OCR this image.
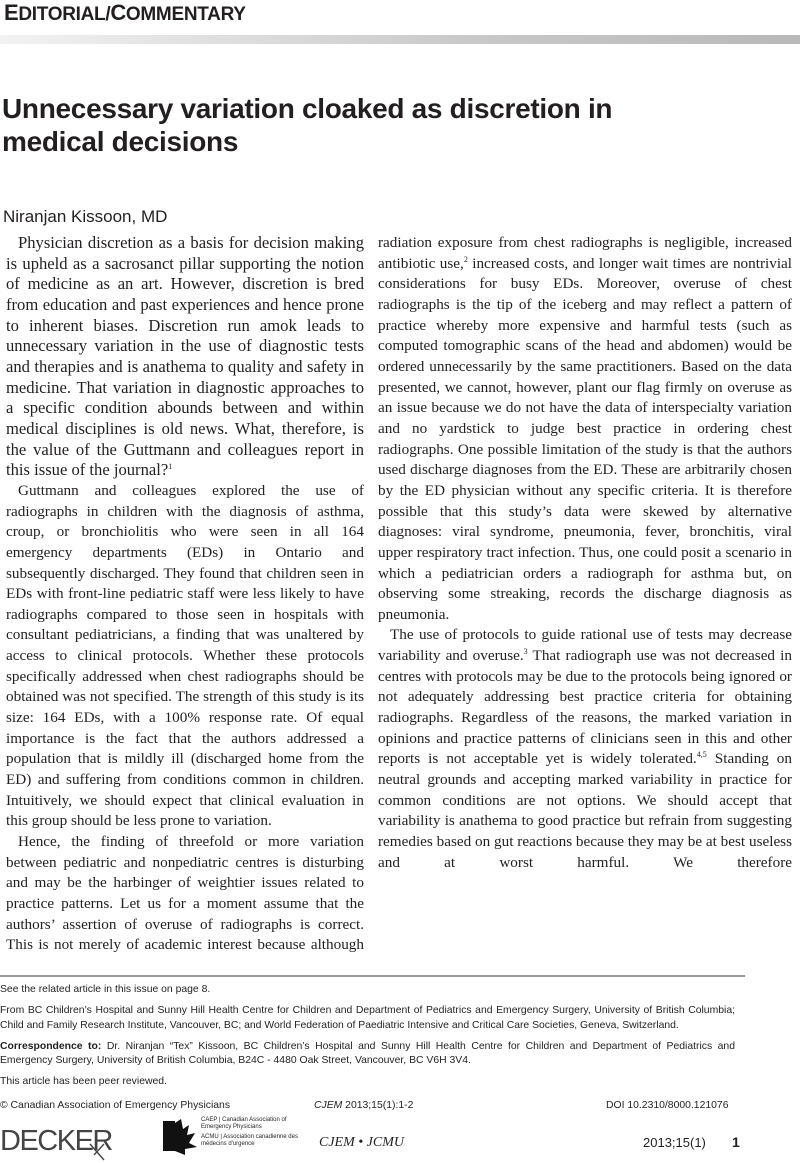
EDITORIAL/COMMENTARY
Unnecessary variation cloaked as discretion in medical decisions
Niranjan Kissoon, MD

Physician discretion as a basis for decision making is upheld as a sacrosanct pillar supporting the notion of medicine as an art. However, discretion is bred from education and past experiences and hence prone to inherent biases. Discretion run amok leads to unnecessary variation in the use of diagnostic tests and therapies and is anathema to quality and safety in medicine. That variation in diagnostic approaches to a specific condition abounds between and within medical disciplines is old news. What, therefore, is the value of the Guttmann and colleagues report in this issue of the journal?$^1$

Guttmann and colleagues explored the use of radiographs in children with the diagnosis of asthma, croup, or bronchiolitis who were seen in all 164 emergency departments (EDs) in Ontario and subsequently discharged. They found that children seen in EDs with front-line pediatric staff were less likely to have radiographs compared to those seen in hospitals with consultant pediatricians, a finding that was unaltered by access to clinical protocols. Whether these protocols specifically addressed when chest radiographs should be obtained was not specified. The strength of this study is its size: 164 EDs, with a 100% response rate. Of equal importance is the fact that the authors addressed a population that is mildly ill (discharged home from the ED) and suffering from conditions common in children. Intuitively, we should expect that clinical evaluation in this group should be less prone to variation.

Hence, the finding of threefold or more variation between pediatric and nonpediatric centres is disturbing and may be the harbinger of weightier issues related to practice patterns. Let us for a moment assume that the authors’ assertion of overuse of radiographs is correct. This is not merely of academic interest because although

radiation exposure from chest radiographs is negligible, increased antibiotic use,$^2$ increased costs, and longer wait times are nontrivial considerations for busy EDs. Moreover, overuse of chest radiographs is the tip of the iceberg and may reflect a pattern of practice whereby more expensive and harmful tests (such as computed tomographic scans of the head and abdomen) would be ordered unnecessarily by the same practitioners. Based on the data presented, we cannot, however, plant our flag firmly on overuse as an issue because we do not have the data of interspecialty variation and no yardstick to judge best practice in ordering chest radiographs. One possible limitation of the study is that the authors used discharge diagnoses from the ED. These are arbitrarily chosen by the ED physician without any specific criteria. It is therefore possible that this study’s data were skewed by alternative diagnoses: viral syndrome, pneumonia, fever, bronchitis, viral upper respiratory tract infection. Thus, one could posit a scenario in which a pediatrician orders a radiograph for asthma but, on observing some streaking, records the discharge diagnosis as pneumonia.

The use of protocols to guide rational use of tests may decrease variability and overuse.$^3$ That radiograph use was not decreased in centres with protocols may be due to the protocols being ignored or not adequately addressing best practice criteria for obtaining radiographs. Regardless of the reasons, the marked variation in opinions and practice patterns of clinicians seen in this and other reports is not acceptable yet is widely tolerated.$^{4,5}$ Standing on neutral grounds and accepting marked variability in practice for common conditions are not options. We should accept that variability is anathema to good practice but refrain from suggesting remedies based on gut reactions because they may be at best useless and at worst harmful. We therefore

See the related article in this issue on page 8.
From BC Children’s Hospital and Sunny Hill Health Centre for Children and Department of Pediatrics and Emergency Surgery, University of British Columbia; Child and Family Research Institute, Vancouver, BC; and World Federation of Paediatric Intensive and Critical Care Societies, Geneva, Switzerland.
Correspondence to: Dr. Niranjan “Tex” Kissoon, BC Children’s Hospital and Sunny Hill Health Centre for Children and Department of Pediatrics and Emergency Surgery, University of British Columbia, B24C - 4480 Oak Street, Vancouver, BC V6H 3V4.
This article has been peer reviewed.
© Canadian Association of Emergency Physicians	CJEM 2013;15(1):1-2	DOI 10.2310/8000.121076
DECKER
CAEP | Canadian Association of Emergency Physicians
ACMU | Association canadienne des médecins d'urgence	CJEM • JCMU	2013;15(1) 1
